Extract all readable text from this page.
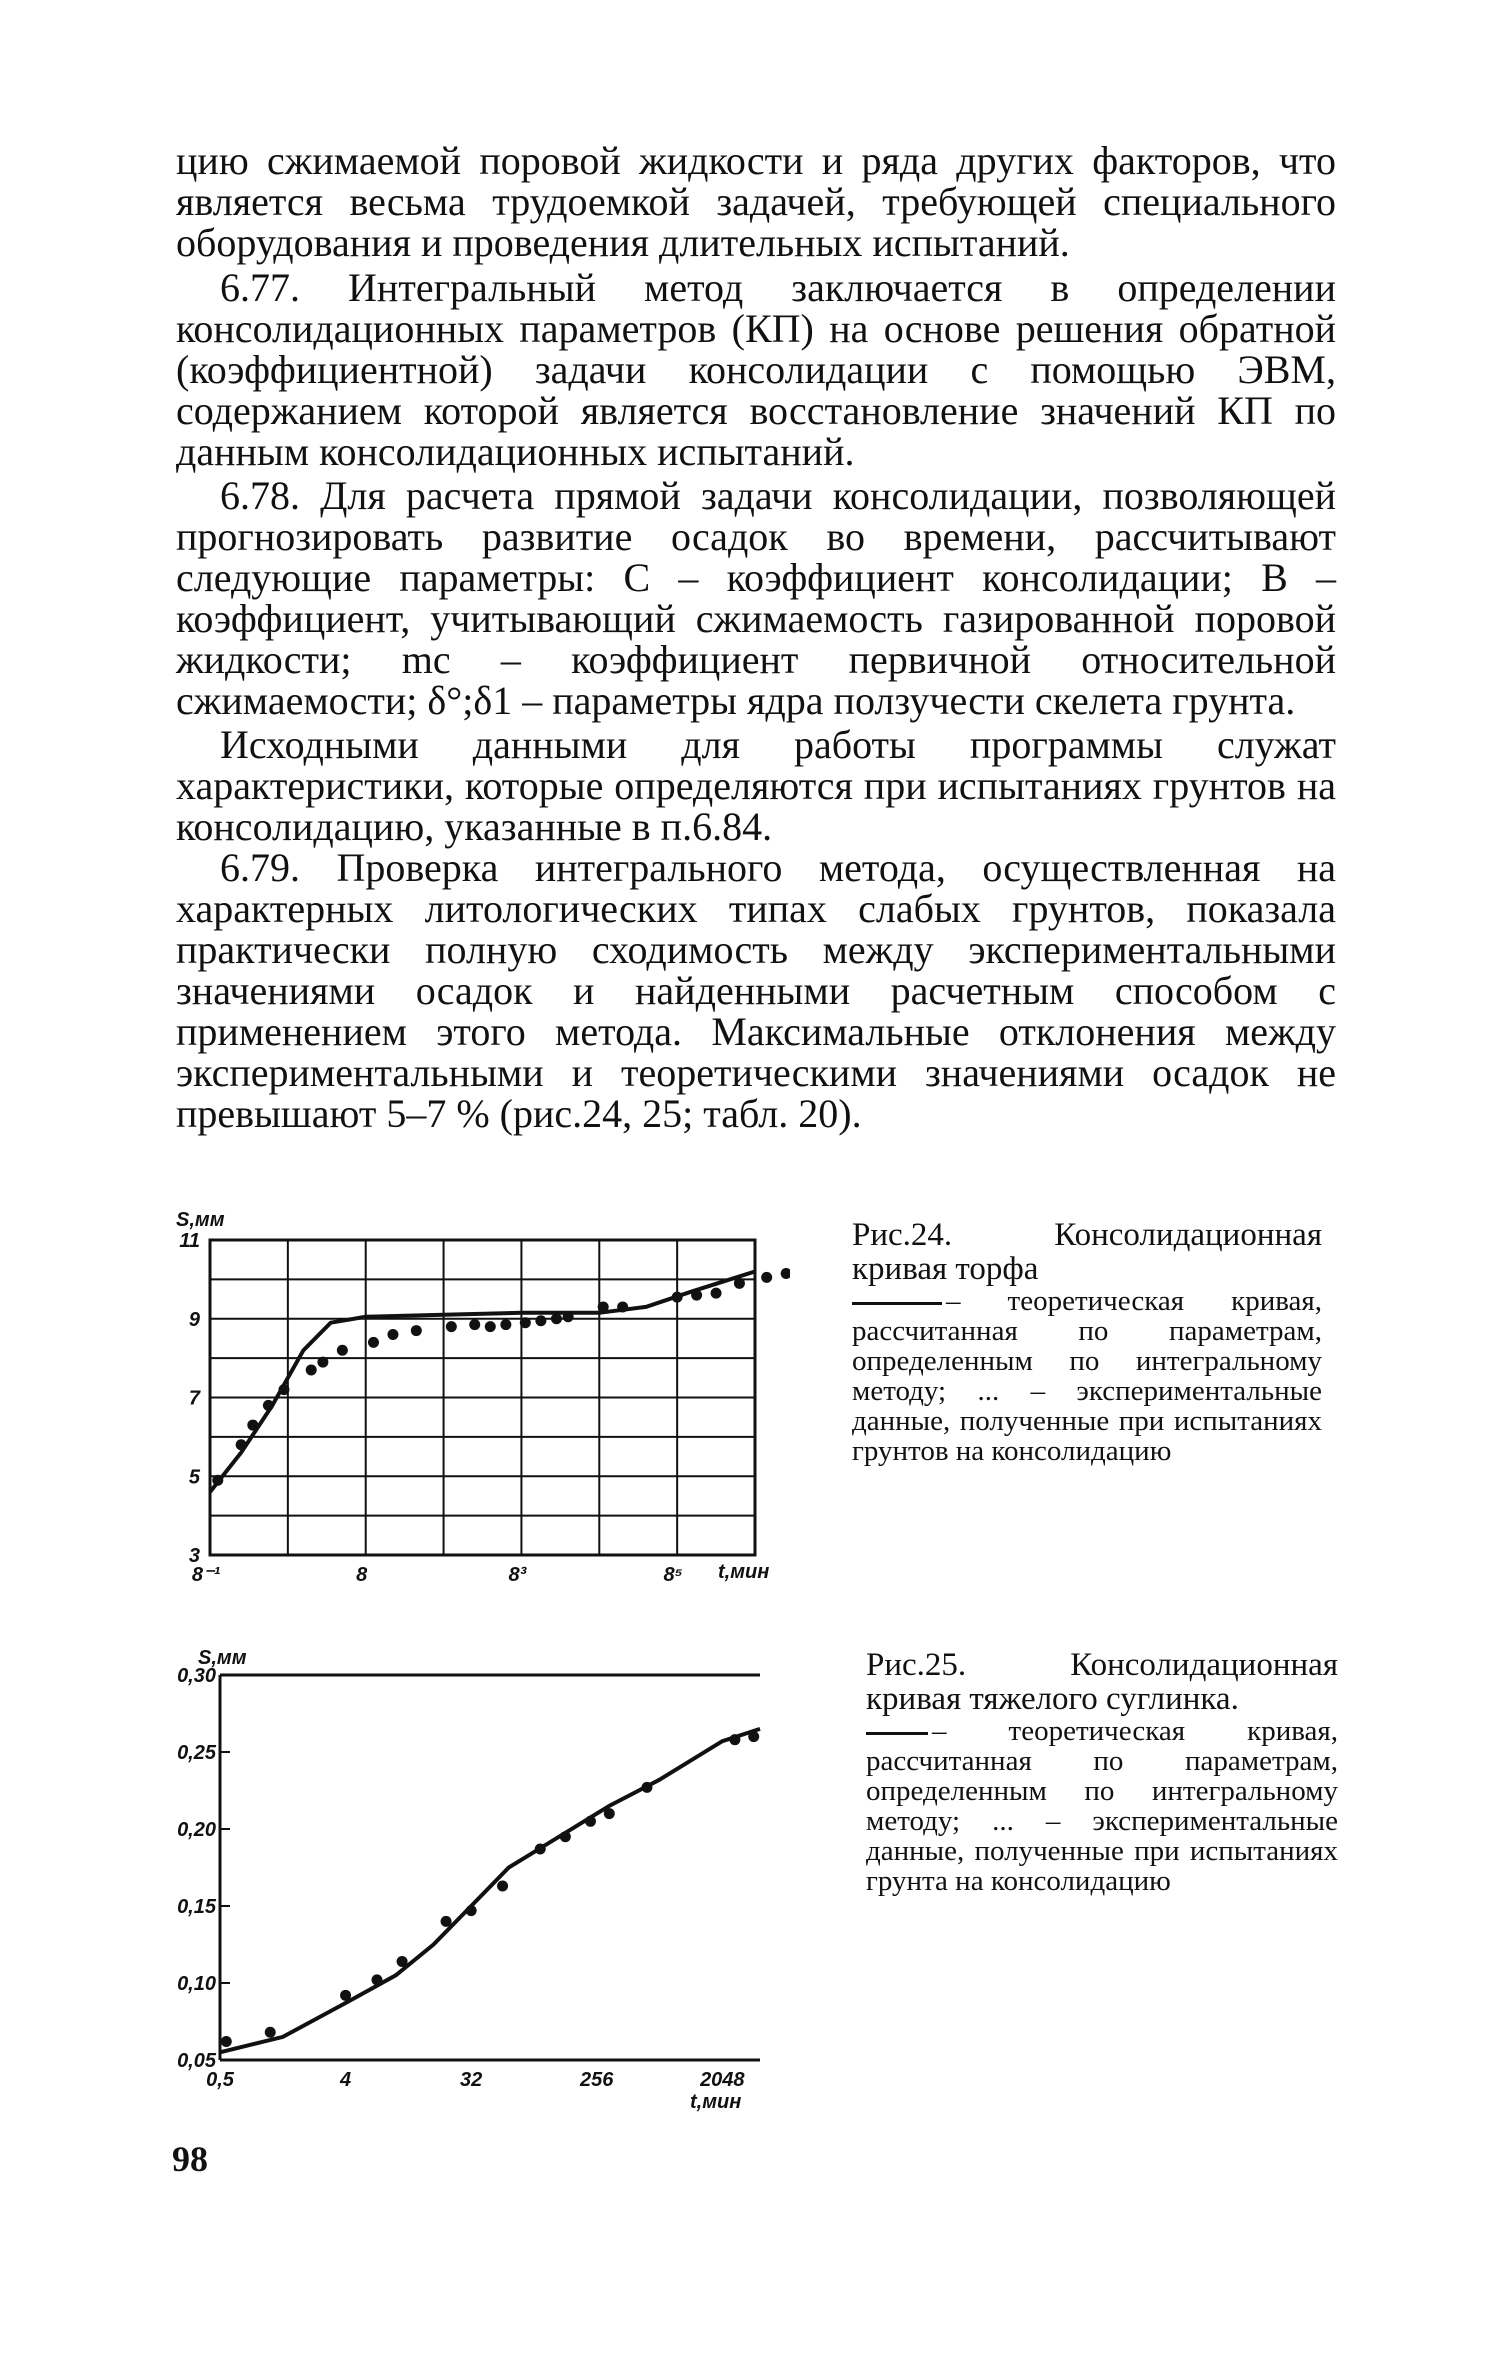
цию сжимаемой поровой жидкости и ряда других факторов, что является весьма трудоемкой задачей, требующей специального оборудования и проведения длительных испытаний.

6.77. Интегральный метод заключается в определении консолидационных параметров (КП) на основе решения обратной (коэффициентной) задачи консолидации с помощью ЭВМ, содержанием которой является восстановление значений КП по данным консолидационных испытаний.

6.78. Для расчета прямой задачи консолидации, позволяющей прогнозировать развитие осадок во времени, рассчитывают следующие параметры: C – коэффициент консолидации; B – коэффициент, учитывающий сжимаемость газированной поровой жидкости; mc – коэффициент первичной относительной сжимаемости; δ°;δ1 – параметры ядра ползучести скелета грунта.

Исходными данными для работы программы служат характеристики, которые определяются при испытаниях грунтов на консолидацию, указанные в п.6.84.

6.79. Проверка интегрального метода, осуществленная на характерных литологических типах слабых грунтов, показала практически полную сходимость между экспериментальными значениями осадок и найденными расчетным способом с применением этого метода. Максимальные отклонения между экспериментальными и теоретическими значениями осадок не превышают 5–7 % (рис.24, 25; табл. 20).

3
5
7
9
11
8⁻¹	8	8³	8⁵
S,мм
t,мин
Рис.24. Консолидационная кривая торфа
– теоретическая кривая, рассчитанная по параметрам, определенным по интегральному методу; ... – экспериментальные данные, полученные при испытаниях грунтов на консолидацию
0,05
0,10
0,15
0,20
0,25
0,30
0,5	4	32	256	2048
S,мм
t,мин
Рис.25. Консолидационная кривая тяжелого суглинка.
– теоретическая кривая, рассчитанная по параметрам, определенным по интегральному методу; ... – экспериментальные данные, полученные при испытаниях грунта на консолидацию
98
